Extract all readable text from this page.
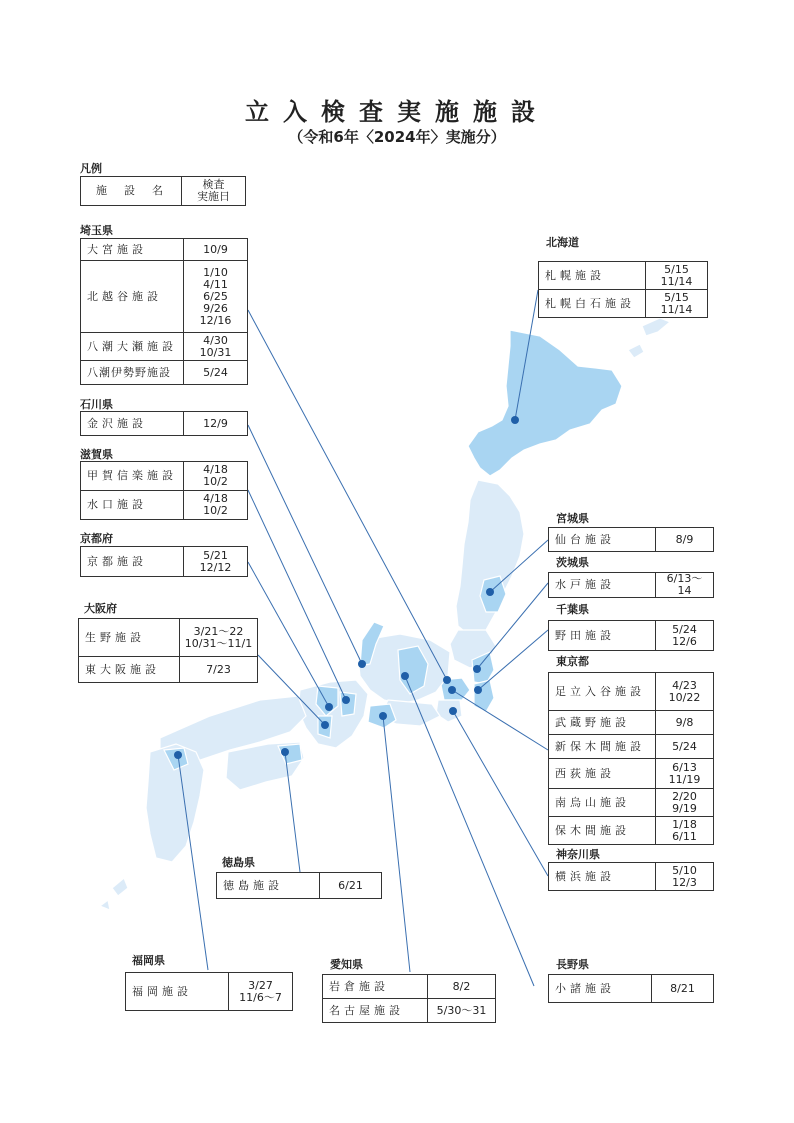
立入検査実施施設
（令和6年〈2024年〉実施分）
凡例
施　設　名	検査
実施日
埼玉県
大宮施設	10/9
北越谷施設	1/10
4/11
6/25
9/26
12/16
八潮大瀬施設	4/30
10/31
八潮伊勢野施設	5/24
石川県
金沢施設	12/9
滋賀県
甲賀信楽施設	4/18
10/2
水口施設	4/18
10/2
京都府
京都施設	5/21
12/12
大阪府
生野施設	3/21～22
10/31～11/1
東大阪施設	7/23
徳島県
徳島施設	6/21
福岡県
福岡施設	3/27
11/6～7
愛知県
岩倉施設	8/2
名古屋施設	5/30～31
長野県
小諸施設	8/21
北海道
札幌施設	5/15
11/14
札幌白石施設	5/15
11/14
宮城県
仙台施設	8/9
茨城県
水戸施設	6/13～14
千葉県
野田施設	5/24
12/6
東京都
足立入谷施設	4/23
10/22
武蔵野施設	9/8
新保木間施設	5/24
西荻施設	6/13
11/19
南烏山施設	2/20
9/19
保木間施設	1/18
6/11
神奈川県
横浜施設	5/10
12/3
